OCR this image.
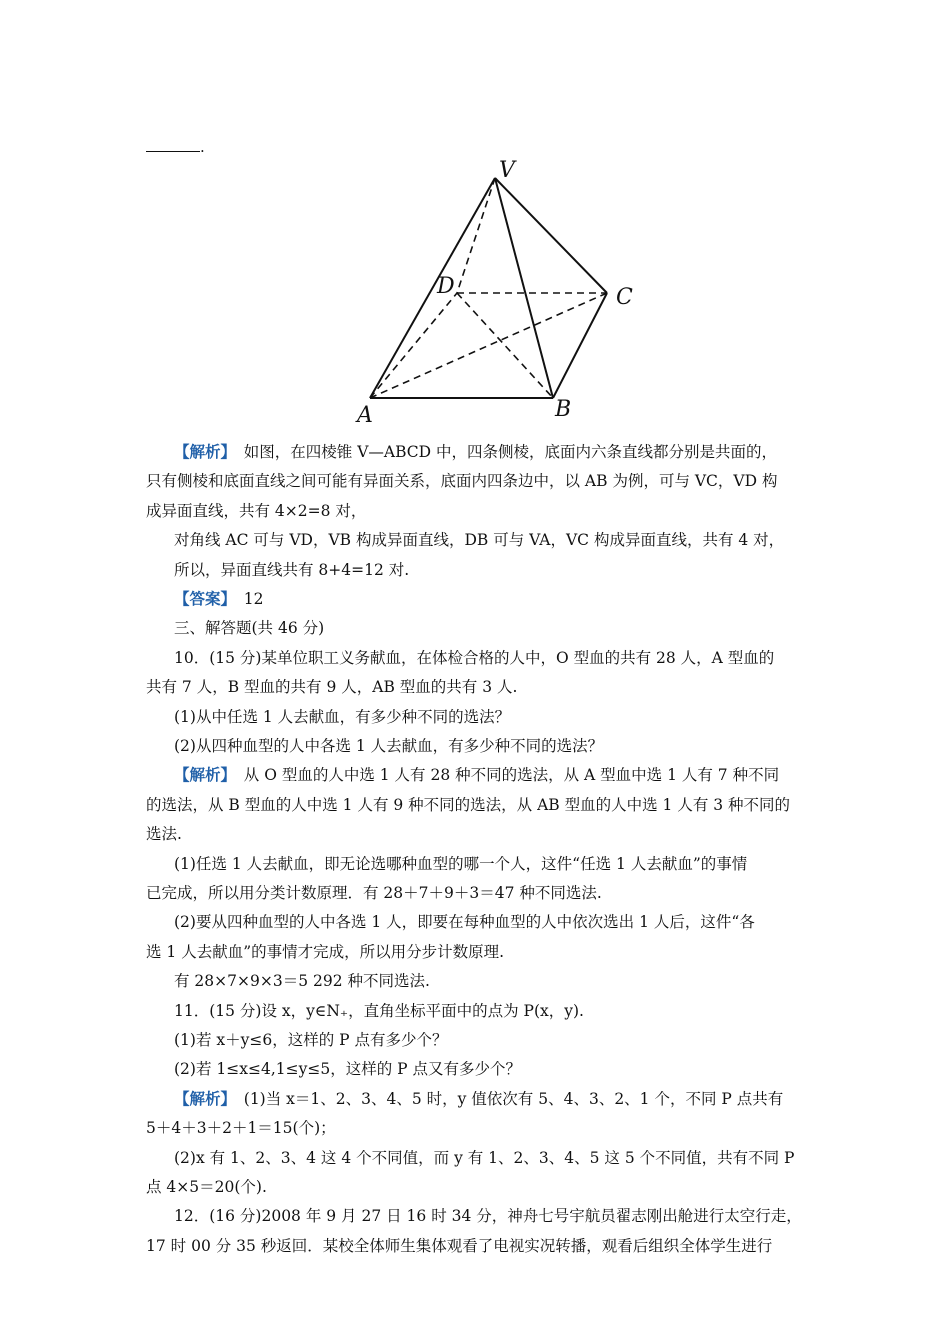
.
V
D	C
A	B
【解析】　如图，在四棱锥 V—ABCD 中，四条侧棱，底面内六条直线都分别是共面的，
只有侧棱和底面直线之间可能有异面关系，底面内四条边中，以 AB 为例，可与 VC，VD 构
成异面直线，共有 4×2=8 对，
对角线 AC 可与 VD，VB 构成异面直线，DB 可与 VA，VC 构成异面直线，共有 4 对，
所以，异面直线共有 8+4=12 对.
【答案】　12
三、解答题(共 46 分)
10．(15 分)某单位职工义务献血，在体检合格的人中，O 型血的共有 28 人，A 型血的
共有 7 人，B 型血的共有 9 人，AB 型血的共有 3 人.
(1)从中任选 1 人去献血，有多少种不同的选法？
(2)从四种血型的人中各选 1 人去献血，有多少种不同的选法？
【解析】　从 O 型血的人中选 1 人有 28 种不同的选法，从 A 型血中选 1 人有 7 种不同
的选法，从 B 型血的人中选 1 人有 9 种不同的选法，从 AB 型血的人中选 1 人有 3 种不同的
选法.
(1)任选 1 人去献血，即无论选哪种血型的哪一个人，这件“任选 1 人去献血”的事情
已完成，所以用分类计数原理．有 28＋7＋9＋3＝47 种不同选法.
(2)要从四种血型的人中各选 1 人，即要在每种血型的人中依次选出 1 人后，这件“各
选 1 人去献血”的事情才完成，所以用分步计数原理.
有 28×7×9×3＝5 292 种不同选法.
11．(15 分)设 x，y∈N₊，直角坐标平面中的点为 P(x，y).
(1)若 x＋y≤6，这样的 P 点有多少个？
(2)若 1≤x≤4,1≤y≤5，这样的 P 点又有多少个？
【解析】　(1)当 x＝1、2、3、4、5 时，y 值依次有 5、4、3、2、1 个，不同 P 点共有
5＋4＋3＋2＋1＝15(个)；
(2)x 有 1、2、3、4 这 4 个不同值，而 y 有 1、2、3、4、5 这 5 个不同值，共有不同 P
点 4×5＝20(个).
12．(16 分)2008 年 9 月 27 日 16 时 34 分，神舟七号宇航员翟志刚出舱进行太空行走，
17 时 00 分 35 秒返回．某校全体师生集体观看了电视实况转播，观看后组织全体学生进行
